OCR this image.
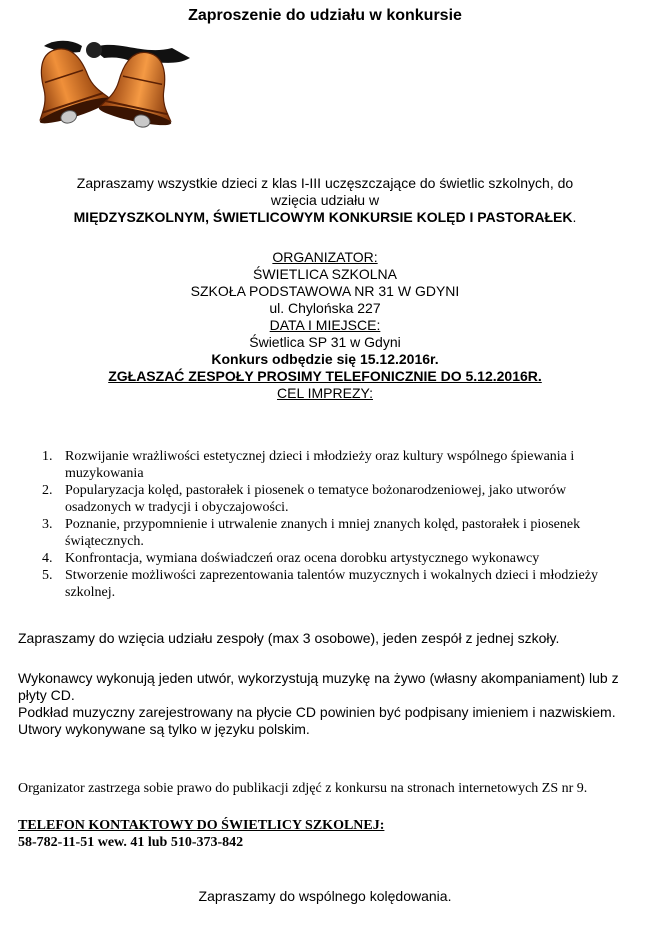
Zaproszenie do udziału w konkursie
Zapraszamy wszystkie dzieci z klas I-III uczęszczające do świetlic szkolnych, do
wzięcia udziału w
MIĘDZYSZKOLNYM, ŚWIETLICOWYM KONKURSIE KOLĘD I PASTORAŁEK.
ORGANIZATOR:
ŚWIETLICA SZKOLNA
SZKOŁA PODSTAWOWA NR 31 W GDYNI
ul. Chylońska 227
DATA I MIEJSCE:
Świetlica SP 31 w Gdyni
Konkurs odbędzie się 15.12.2016r.
ZGŁASZAĆ ZESPOŁY PROSIMY TELEFONICZNIE DO 5.12.2016R.
CEL IMPREZY:
1. Rozwijanie wrażliwości estetycznej dzieci i młodzieży oraz kultury wspólnego śpiewania i muzykowania
2. Popularyzacja kolęd, pastorałek i piosenek o tematyce bożonarodzeniowej, jako utworów osadzonych w tradycji i obyczajowości.
3. Poznanie, przypomnienie i utrwalenie znanych i mniej znanych kolęd, pastorałek i piosenek świątecznych.
4. Konfrontacja, wymiana doświadczeń oraz ocena dorobku artystycznego wykonawcy
5. Stworzenie możliwości zaprezentowania talentów muzycznych i wokalnych dzieci i młodzieży szkolnej.
Zapraszamy do wzięcia udziału zespoły (max 3 osobowe), jeden zespół z jednej szkoły.
Wykonawcy wykonują jeden utwór, wykorzystują muzykę na żywo (własny akompaniament) lub z płyty CD.
Podkład muzyczny zarejestrowany na płycie CD powinien być podpisany imieniem i nazwiskiem.
Utwory wykonywane są tylko w języku polskim.
Organizator zastrzega sobie prawo do publikacji zdjęć z konkursu na stronach internetowych ZS nr 9.
TELEFON KONTAKTOWY DO ŚWIETLICY SZKOLNEJ:
58-782-11-51 wew. 41 lub 510-373-842
Zapraszamy do wspólnego kolędowania.
